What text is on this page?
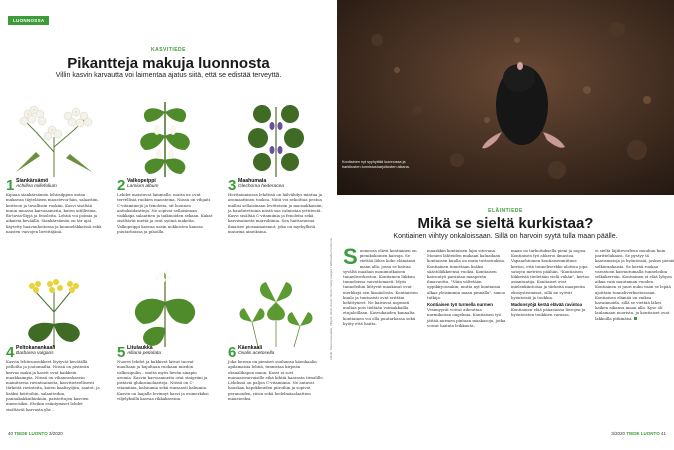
LUONNOSSA
KASVITIEDE
Pikantteja makuja luonnosta
Villin kasvin karvautta voi laimentaa ajatus siitä, että se edistää terveyttä.
1 Siankärsämö
Achillea millefolium
Kipuaa siankärsämön lehtisilppua antaa mukavan täyteläisen maustevoi-hän, salaattiin, keittoon ja tavallisiin ruokiin. Kasvi sisältää muun muassa karvasaineita, kuten aitilliviina, fla-tavia-lliyjä ja fenoleita. Lehtiä voi poimia ja aikaista keväällä. Siankärsämön on tär ajat käytetty haavanhoitossa ja kuumeläkkeissä sekä naisten vaivojen lievittäjänä.
2 Valkopeippi
Lamium album
Lehdet maistuvat lammella, mutta ne ovat tervellisiä ruokien mausteina. Niissä on vihjaiti C-vitamiinejä ja fenoleita, sit luonnon antioksidantteja. Ne sopivat sellaisinaan vaikkapa salaattien ja taikinoiden sekaan. Kukat sisältävät mettä ja ovat syömä makeita. Valkopeippi kasvaa usein nokkosten kanssa puutarhoissa ja pihoilla.
3 Maahumala
Glechoma hederacea
Herttamaisissa lehdissä on hälvähdys mintua ja aromaattinen tuoksu. Niitä voi sekoittaa pestoa mallisi sellaisinaan levitteisiin ja mausakkaisiin, ja haudutettuina niistä saa valmistaa yrttiteetä. Kasvi sisältää C-vitamiinia ja fenoleita sekä karvasaineita marrubiinia. Sen haittavaisua ilmaisee piosaamaismut, joka on myrkyllistä muurina aineiksina.
4 Peltokanankaali
Barbarea vulgaris
Kasvin lehtiruusukkeet löytyvät kevätällä pelloilta ja joutomailta. Niissä on pistävän karvas maku ja kasvit ovat kaikkein maukkaimpia. Niissä on vihanneskasvin mainitsevia ravintoaineita, kasvitieteellisesti tärkeitä ravinteita, kuten kaalisyöjiin, saatot, ja lisäksi keittoihin, salaatteihin, pannukakkuihinkuin, paistettujen kasvien ainesosiksi. Eteikin esiintymiset lehdet sisältävät karvasta.yhr...
5 Litulaukka
Alliaria petiolata
Nuoret lehdet ja kukkivat latvat tuovat maultaan ja hajultaan ruokaan miedon valkosipulin – mutta myös lievän sinapin aromia. Kasvin karvasaineita ovat sinigriini ja pistäviä glukosinolaatteja. Niissä on C-vitamiinia, kalsiumia sekä runsaasti kaliumia. Kasvin on laajalle levinnyt kasvi ja esimerkiksi viljelyksillä kasvaa rikkakasvina.
6 Käenkaali
Oxalis acetosella
Joka kerran on pieniset suuhunsa käenkaalin apilamaisia lehtiä, tunnistaa kirpeän oksaalihapon maun. Kasvi ei sovi munuaisvaivaisille eikä kihtiä haarasta tiesalille. Lehdissä on paljon C-vitamiinia. Ne antavat hauskan hapokkuuden piiroihin ja sopivat perunoiden, riisin sekä hedelmäsalaattien mausteeksi.
Lähde: Sanna Kaarakka, Villiyrtit, 2019, Kuvat: iStock / Getty Images / Wikimedia Commons
40 TIEDE LUONTO 3/2020
Kontiainen nyt syyhyttää luonnossa ja harkitusten tunnistusharjoitusten aikana.
ELÄINTIEDE
Mikä se sieltä kurkistaa?
Kontiainen viihtyy onkaloissaan. Sillä on harvoin syytä tulla maan päälle.
S uomessa elävä kontiainen on pienikokoinen kaivaja. Se viettää lähes koko elämänsä maan alla, jossa se kaivaa syvältä maahan monimutkaisen tunneliverkoston. Kontiainen liikkuu tunneleissa vaivattomasti. Myös tunneleihin liittyvät maakasat ovat merkkejä sen läsnäolosta. Kontiaisten kuulo ja tuntoaisti ovat erittäin kehittyneet. Ne kaivavat nopeasti multaa pois tieltään voimakkailla etujaloillaan. Kasvukauden kannalta kontiainen voi olla puutarhassa sekä hyöty että haitta.
maaskkin kontiaisen lajin sitovana. Monien lähteiden mukaan kaluadaan kontiaisen kuulla on muin tuttavuuksia. Kontiainen tunnetaan lisäksi säästöliikkeensä vuoksi. Kontiaisen kaivuutyö parantaa maaperän ilmavuutta. "Näin vältetään oppikirjoissakin, mutta nyt kontiaisia alkaa yleisimmin maan pinnalla", sanoo tutkija.
Kontiaisen työ turmella nurmen
Vesimyyrät voivat aiheuttaa nurmikoissa ongelmia. Kontiaisen työ jättää nurmen pintaan maakasoja, jotka voivat haitata leikkuuta.
maan on tarkoituksella pieni ja nopea. Kontiaisen työ ahkeroi ilmastoa. Vapaaehtoinen kontiaisenmittaus kertoo, että tunneliverkko ulottuu jopa satojen metrien päähän. "Kontiaisen liikkeistä tiedetään vielä vähän", kertoo asiantuntija. Kontiaiset ovat mielenkiintoisia ja tärkeitä maaperän ekosysteemissä, sillä ne syövät hyönteisiä ja toukkia.
Madonsyöjä kerää elävää ravintoa
Kontiainen elää pääasiassa lierojen ja hyönteisten toukkien varassa.
ei sieltä läjitteverleun muuhun kuin parittelukausi. Se pystyy tä kaavamatoja ja hyönteisiä, joskus pieniä selkärankaisia. Se kerää ruokaa varastoon kaivautumalla tunneleihin selkäkerroin. Kontiainen ei elää lyhyen aikaa vain muutaman vuoden. Kontiainen ei juuri nuku vaan se lepää ajoittain tunneliverkostossaan. Kontiaisen elämää on vaikea havainnoida, sillä se viettää lähes kaiken aikansa maan alla. Kyse oli laulamaan nuorista, ja kontiaiset ovat lakkoilla pitkinäisi.
3/2020 TIEDE LUONTO 41
